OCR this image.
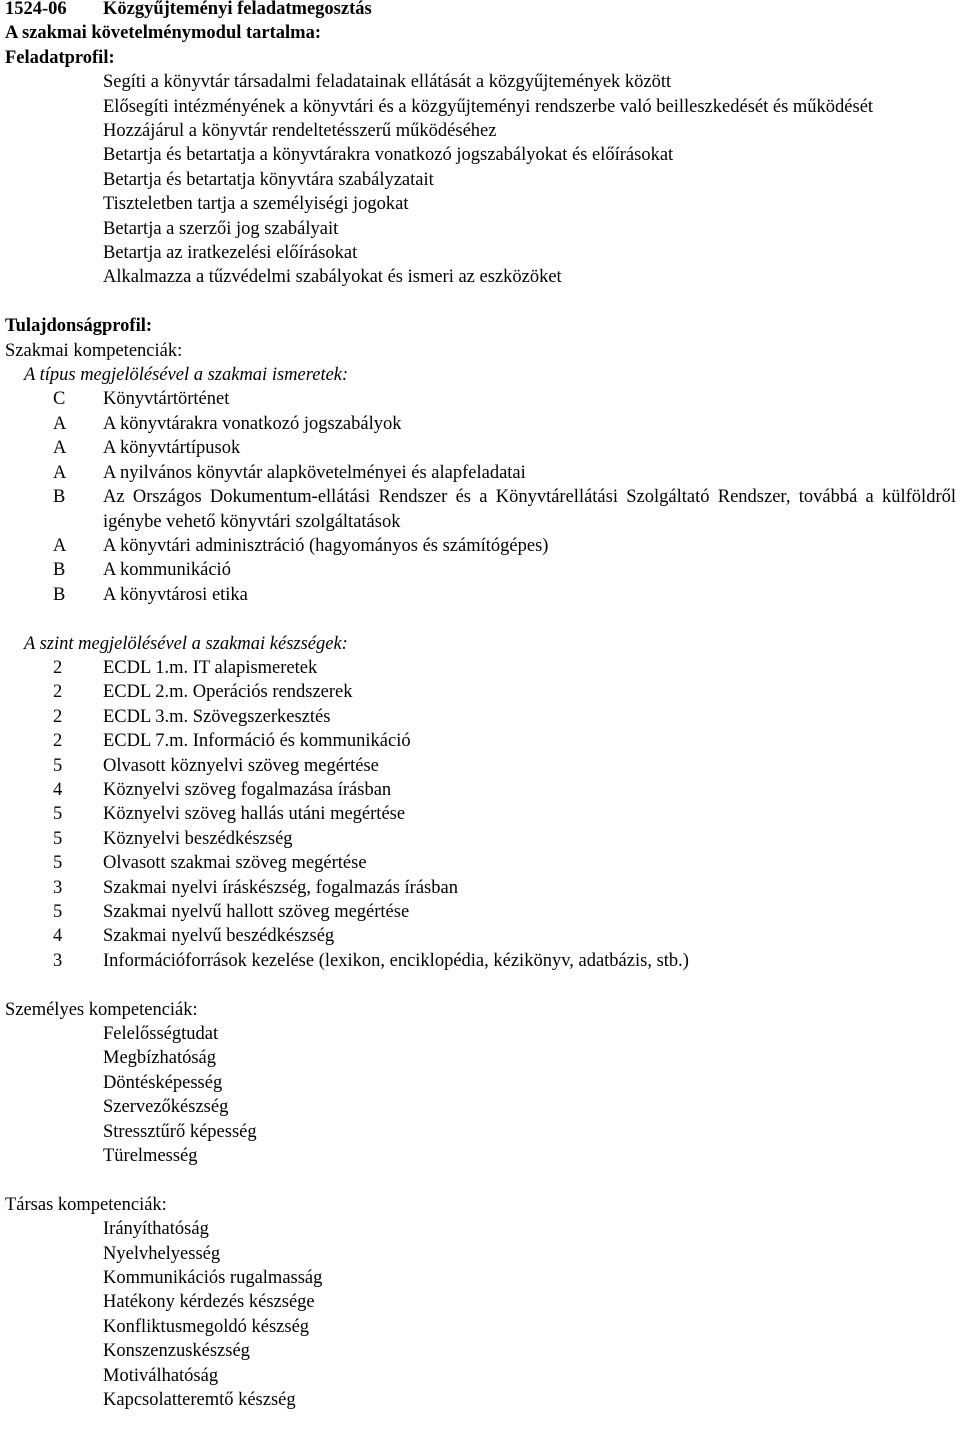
1524-06 Közgyűjteményi feladatmegosztás
A szakmai követelménymodul tartalma:
Feladatprofil:
Segíti a könyvtár társadalmi feladatainak ellátását a közgyűjtemények között
Elősegíti intézményének a könyvtári és a közgyűjteményi rendszerbe való beilleszkedését és működését
Hozzájárul a könyvtár rendeltetésszerű működéséhez
Betartja és betartatja a könyvtárakra vonatkozó jogszabályokat és előírásokat
Betartja és betartatja könyvtára szabályzatait
Tiszteletben tartja a személyiségi jogokat
Betartja a szerzői jog szabályait
Betartja az iratkezelési előírásokat
Alkalmazza a tűzvédelmi szabályokat és ismeri az eszközöket
Tulajdonságprofil:
Szakmai kompetenciák:
A típus megjelölésével a szakmai ismeretek:
C	Könyvtártörténet
A	A könyvtárakra vonatkozó jogszabályok
A	A könyvtártípusok
A	A nyilvános könyvtár alapkövetelményei és alapfeladatai
B	Az Országos Dokumentum-ellátási Rendszer és a Könyvtárellátási Szolgáltató Rendszer, továbbá a külföldről igénybe vehető könyvtári szolgáltatások
A	A könyvtári adminisztráció (hagyományos és számítógépes)
B	A kommunikáció
B	A könyvtárosi etika
A szint megjelölésével a szakmai készségek:
2	ECDL 1.m. IT alapismeretek
2	ECDL 2.m. Operációs rendszerek
2	ECDL 3.m. Szövegszerkesztés
2	ECDL 7.m. Információ és kommunikáció
5	Olvasott köznyelvi szöveg megértése
4	Köznyelvi szöveg fogalmazása írásban
5	Köznyelvi szöveg hallás utáni megértése
5	Köznyelvi beszédkészség
5	Olvasott szakmai szöveg megértése
3	Szakmai nyelvi íráskészség, fogalmazás írásban
5	Szakmai nyelvű hallott szöveg megértése
4	Szakmai nyelvű beszédkészség
3	Információforrások kezelése (lexikon, enciklopédia, kézikönyv, adatbázis, stb.)
Személyes kompetenciák:
Felelősségtudat
Megbízhatóság
Döntésképesség
Szervezőkészség
Stressztűrő képesség
Türelmesség
Társas kompetenciák:
Irányíthatóság
Nyelvhelyesség
Kommunikációs rugalmasság
Hatékony kérdezés készsége
Konfliktusmegoldó készség
Konszenzuskészség
Motiválhatóság
Kapcsolatteremtő készség
